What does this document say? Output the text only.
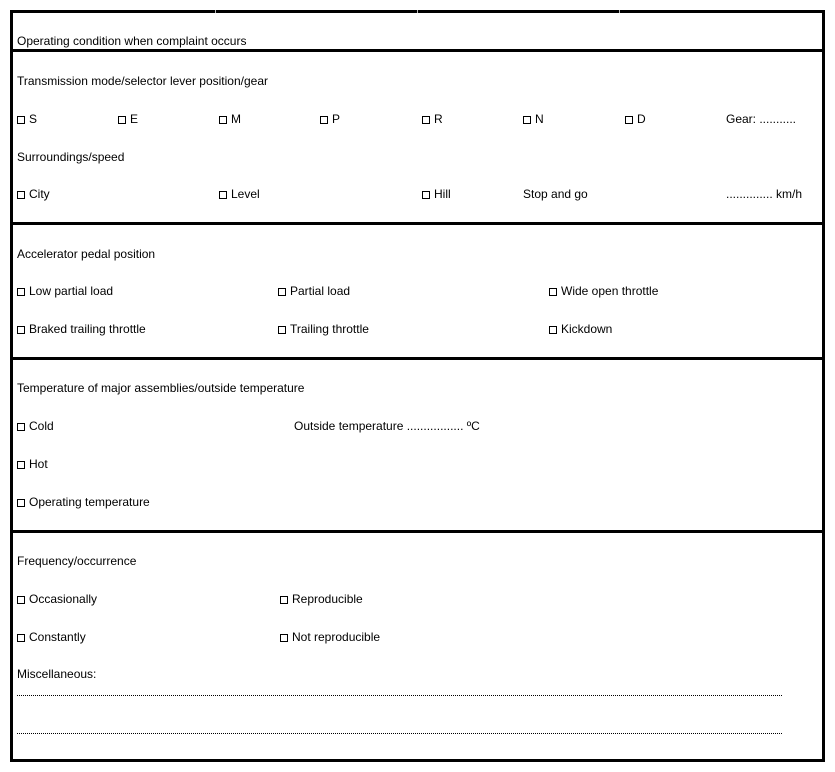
Operating condition when complaint occurs
Transmission mode/selector lever position/gear
S	E	M	P	R	N	D	Gear: ...........
Surroundings/speed
City	Level	Hill	Stop and go	.............. km/h
Accelerator pedal position
Low partial load	Partial load	Wide open throttle
Braked trailing throttle	Trailing throttle	Kickdown
Temperature of major assemblies/outside temperature
Cold	Outside temperature ................. ºC
Hot
Operating temperature
Frequency/occurrence
Occasionally	Reproducible
Constantly	Not reproducible
Miscellaneous:
